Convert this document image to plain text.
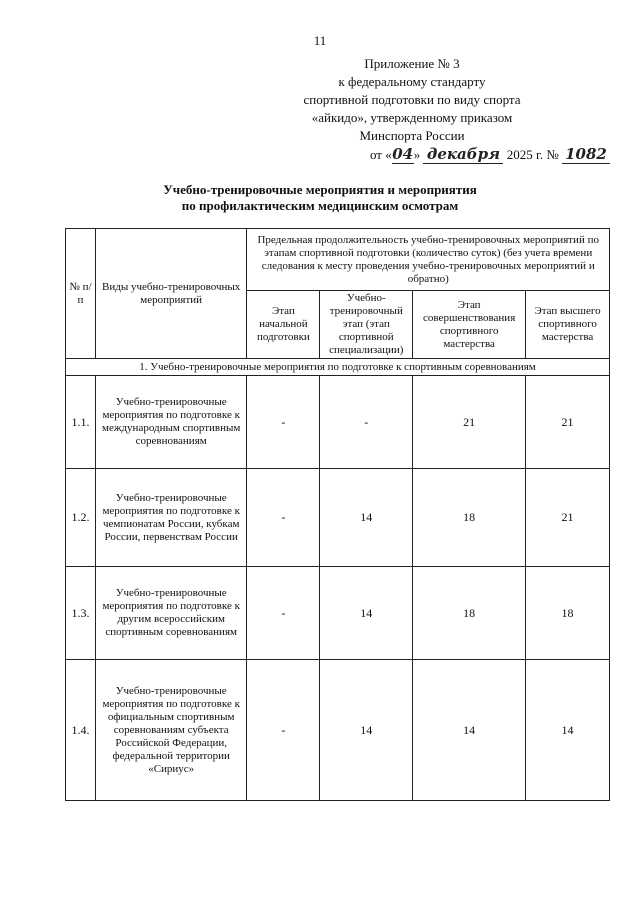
11
Приложение № 3
к федеральному стандарту
спортивной подготовки по виду спорта
«айкидо», утвержденному приказом
Минспорта России
от «04» декабря 2025 г. № 1082
Учебно-тренировочные мероприятия и мероприятия
по профилактическим медицинским осмотрам
№ п/п	Виды учебно-тренировочных мероприятий	Предельная продолжительность учебно-тренировочных мероприятий по этапам спортивной подготовки (количество суток) (без учета времени следования к месту проведения учебно-тренировочных мероприятий и обратно)			
		Этап начальной подготовки	Учебно-тренировочный этап (этап спортивной специализации)	Этап совершенствования спортивного мастерства	Этап высшего спортивного мастерства
1. Учебно-тренировочные мероприятия по подготовке к спортивным соревнованиям					
1.1.	Учебно-тренировочные мероприятия по подготовке к международным спортивным соревнованиям	-	-	21	21
1.2.	Учебно-тренировочные мероприятия по подготовке к чемпионатам России, кубкам России, первенствам России	-	14	18	21
1.3.	Учебно-тренировочные мероприятия по подготовке к другим всероссийским спортивным соревнованиям	-	14	18	18
1.4.	Учебно-тренировочные мероприятия по подготовке к официальным спортивным соревнованиям субъекта Российской Федерации, федеральной территории «Сириус»	-	14	14	14
